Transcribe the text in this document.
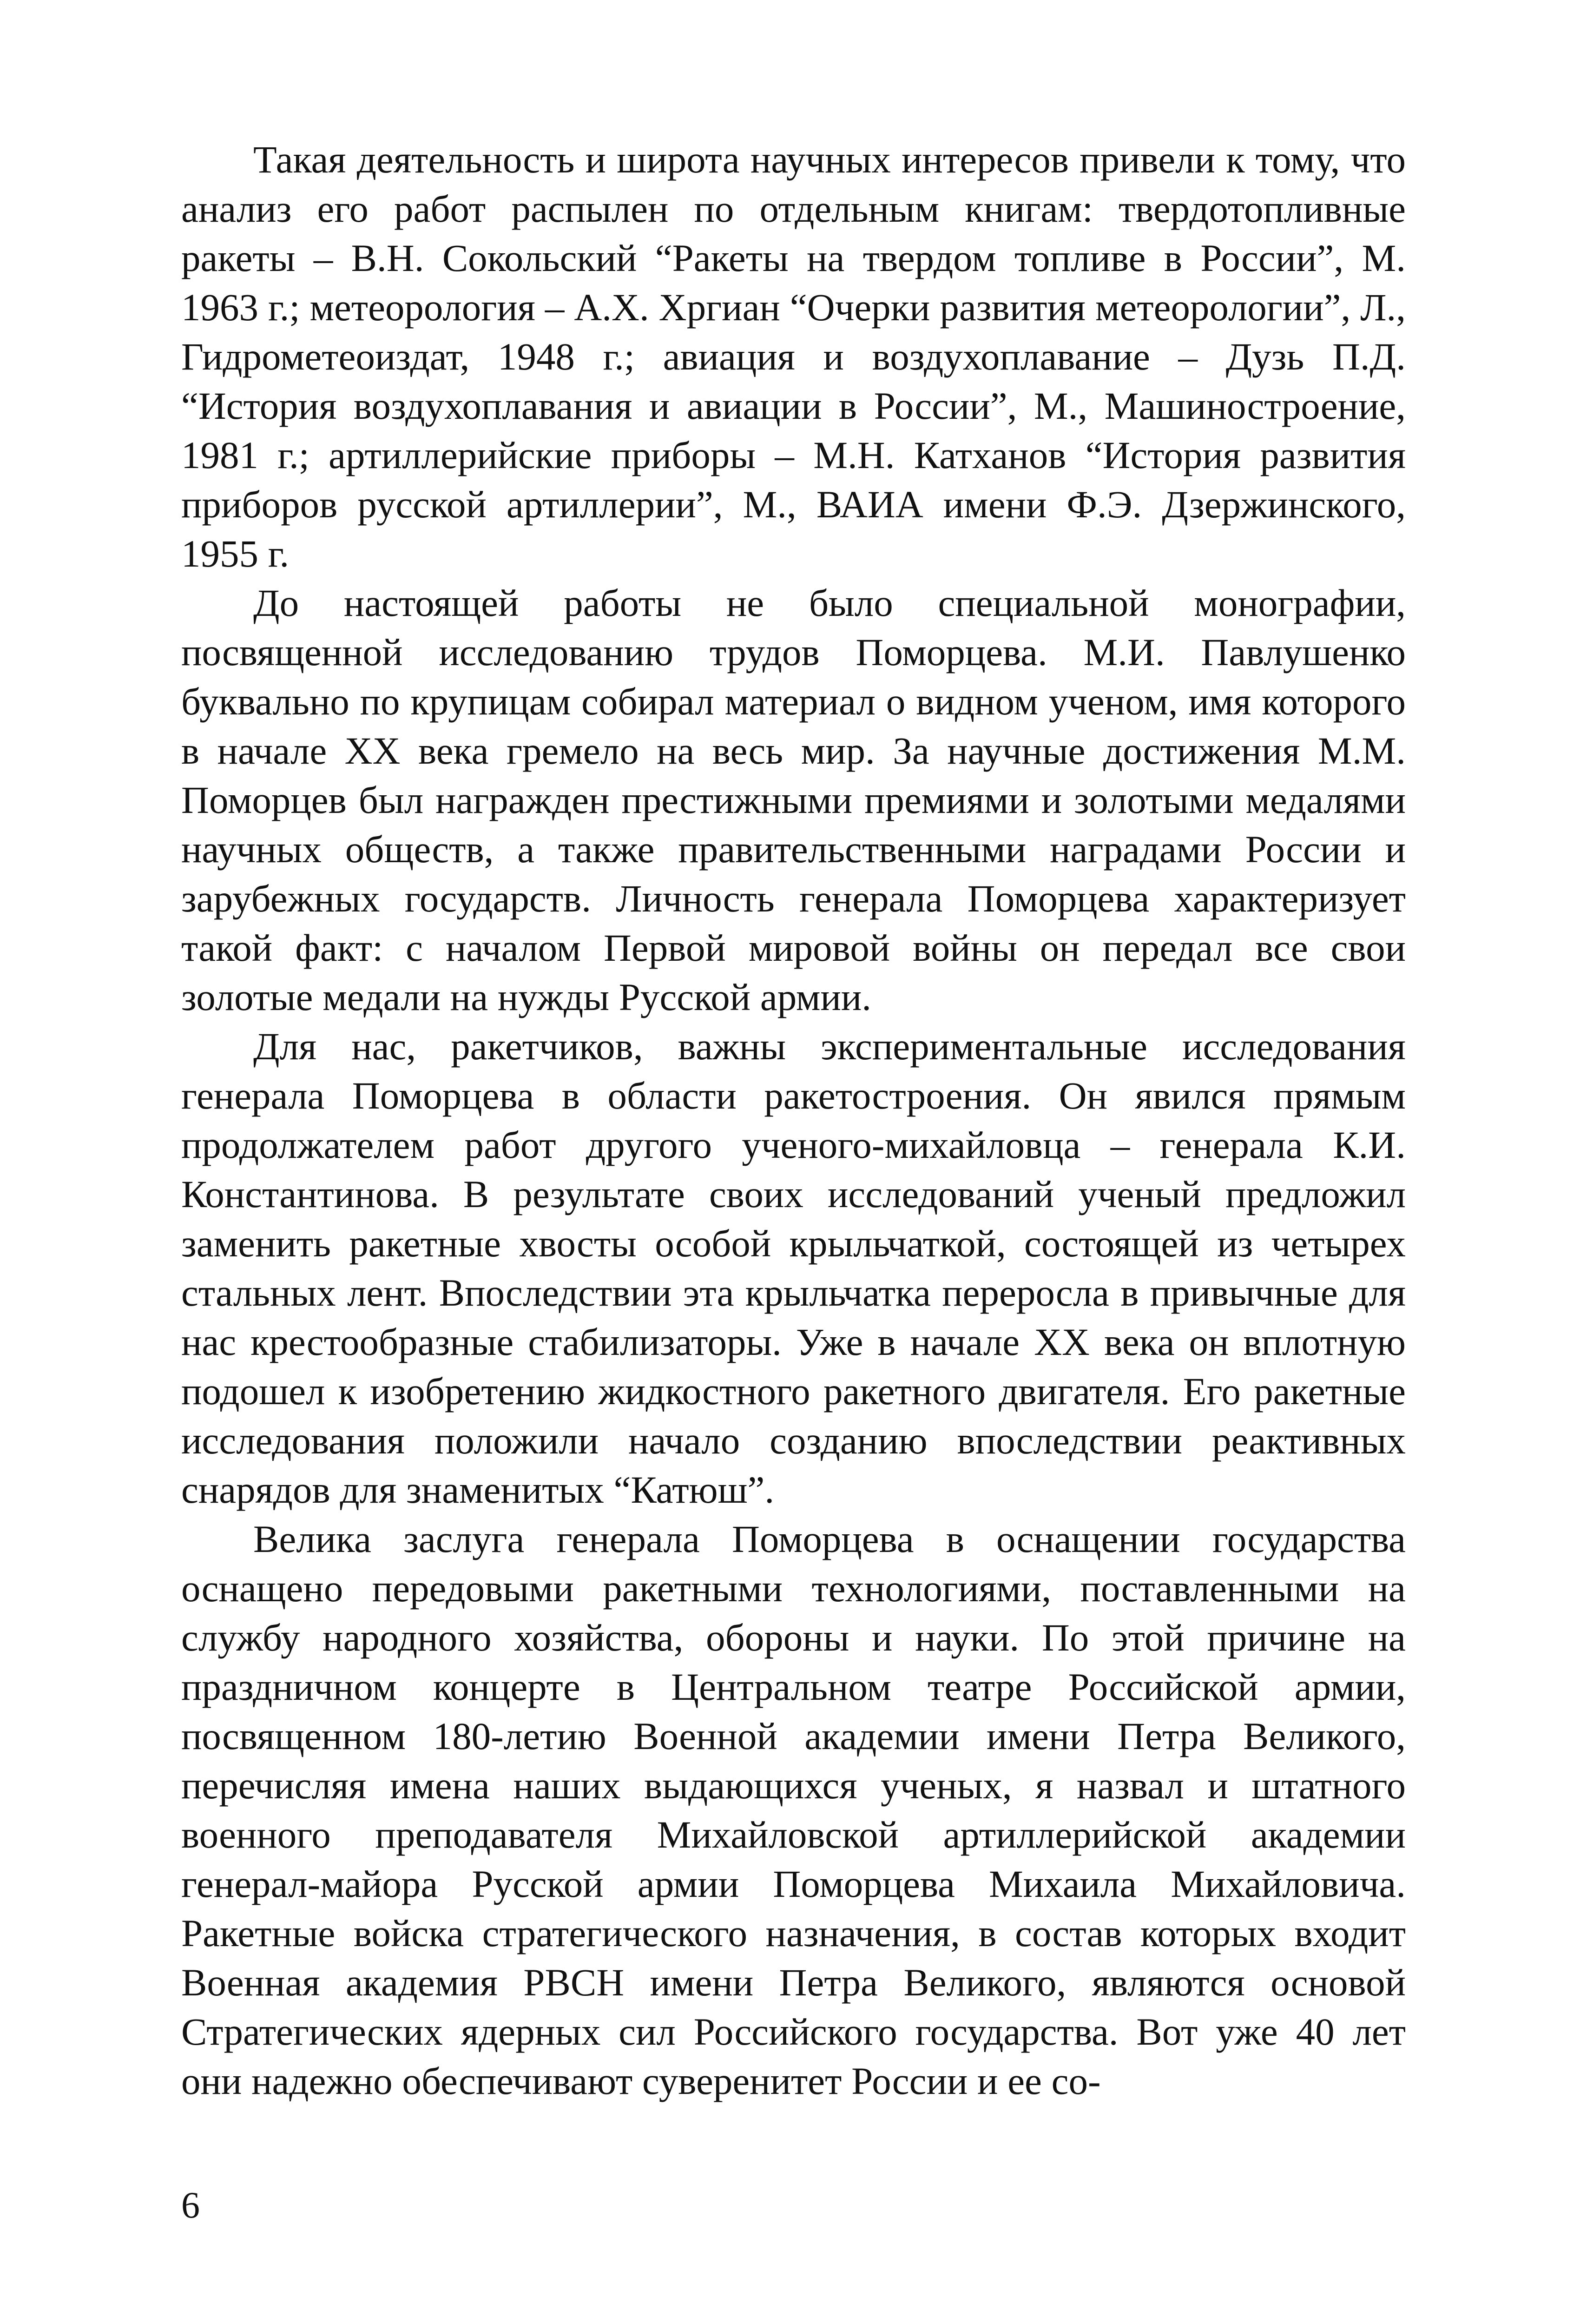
Такая деятельность и широта научных интересов привели к тому, что анализ его работ распылен по отдельным книгам: твердотопливные ракеты – В.Н. Сокольский “Ракеты на твердом топливе в России”, М. 1963 г.; метеорология – А.Х. Хргиан “Очерки развития метеорологии”, Л., Гидрометеоиздат, 1948 г.; авиация и воздухоплавание – Дузь П.Д. “История воздухоплавания и авиации в России”, М., Машиностроение, 1981 г.; артиллерийские приборы – М.Н. Катханов “История развития приборов русской артиллерии”, М., ВАИА имени Ф.Э. Дзержинского, 1955 г.

До настоящей работы не было специальной монографии, посвященной исследованию трудов Поморцева. М.И. Павлушенко буквально по крупицам собирал материал о видном ученом, имя которого в начале XX века гремело на весь мир. За научные достижения М.М. Поморцев был награжден престижными премиями и золотыми медалями научных обществ, а также правительственными наградами России и зарубежных государств. Личность генерала Поморцева характеризует такой факт: с началом Первой мировой войны он передал все свои золотые медали на нужды Русской армии.

Для нас, ракетчиков, важны экспериментальные исследования генерала Поморцева в области ракетостроения. Он явился прямым продолжателем работ другого ученого-михайловца – генерала К.И. Константинова. В результате своих исследований ученый предложил заменить ракетные хвосты особой крыльчаткой, состоящей из четырех стальных лент. Впоследствии эта крыльчатка переросла в привычные для нас крестообразные стабилизаторы. Уже в начале XX века он вплотную подошел к изобретению жидкостного ракетного двигателя. Его ракетные исследования положили начало созданию впоследствии реактивных снарядов для знаменитых “Катюш”.

Велика заслуга генерала Поморцева в оснащении государства оснащено передовыми ракетными технологиями, поставленными на службу народного хозяйства, обороны и науки. По этой причине на праздничном концерте в Центральном театре Российской армии, посвященном 180-летию Военной академии имени Петра Великого, перечисляя имена наших выдающихся ученых, я назвал и штатного военного преподавателя Михайловской артиллерийской академии генерал-майора Русской армии Поморцева Михаила Михайловича. Ракетные войска стратегического назначения, в состав которых входит Военная академия РВСН имени Петра Великого, являются основой Стратегических ядерных сил Российского государства. Вот уже 40 лет они надежно обеспечивают суверенитет России и ее со-

6
